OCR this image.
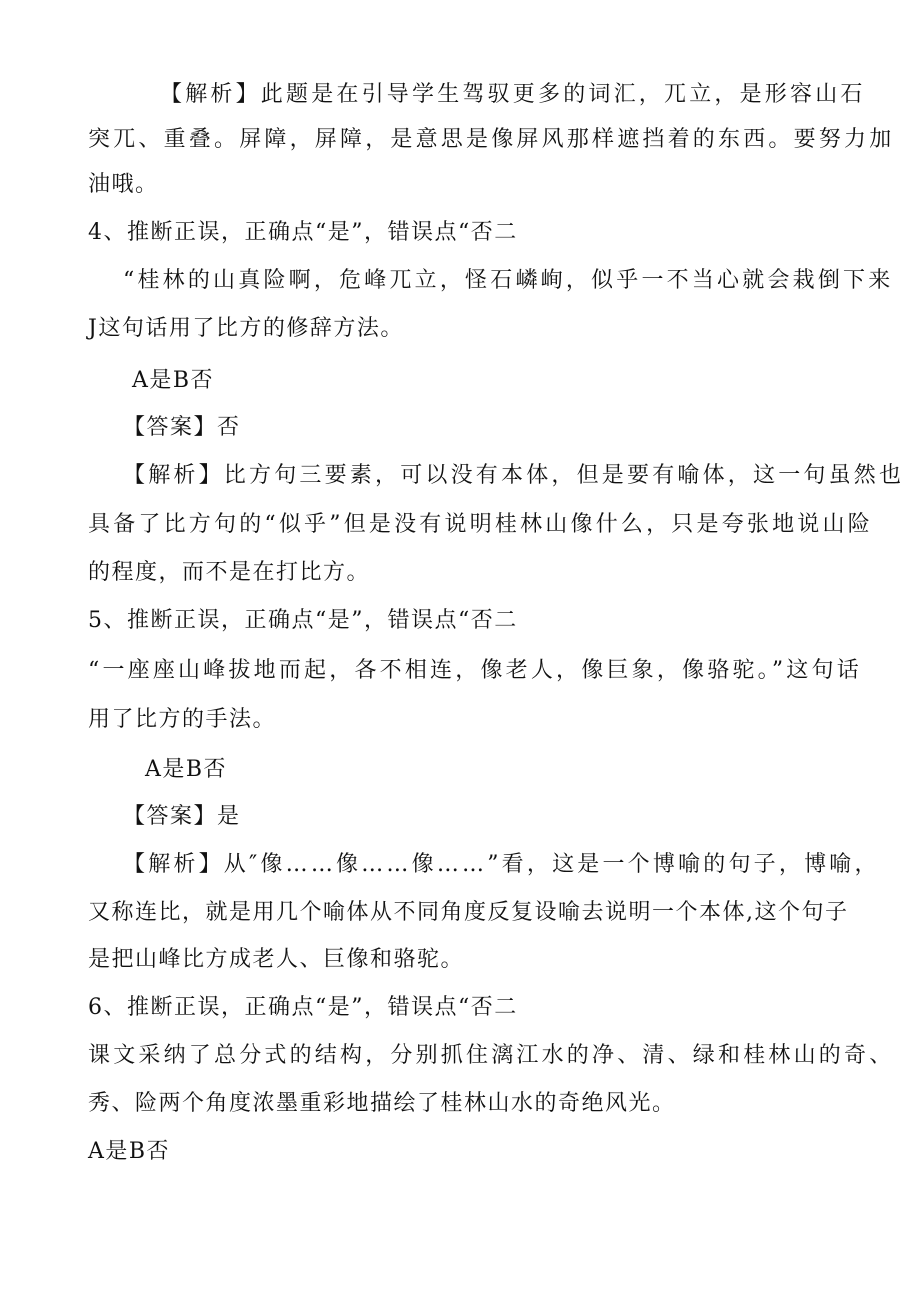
【解析】此题是在引导学生驾驭更多的词汇，兀立，是形容山石
突兀、重叠。屏障，屏障，是意思是像屏风那样遮挡着的东西。要努力加
油哦。
4、推断正误，正确点“是”，错误点“否二
“桂林的山真险啊，危峰兀立，怪石嶙峋，似乎一不当心就会栽倒下来
J这句话用了比方的修辞方法。
A是B否
【答案】否
【解析】比方句三要素，可以没有本体，但是要有喻体，这一句虽然也
具备了比方句的“似乎”但是没有说明桂林山像什么，只是夸张地说山险
的程度，而不是在打比方。
5、推断正误，正确点“是”，错误点“否二
“一座座山峰拔地而起，各不相连，像老人，像巨象，像骆驼。”这句话
用了比方的手法。
A是B否
【答案】是
【解析】从″像……像……像……”看，这是一个博喻的句子，博喻，
又称连比，就是用几个喻体从不同角度反复设喻去说明一个本体,这个句子
是把山峰比方成老人、巨像和骆驼。
6、推断正误，正确点“是”，错误点“否二
课文采纳了总分式的结构，分别抓住漓江水的净、清、绿和桂林山的奇、
秀、险两个角度浓墨重彩地描绘了桂林山水的奇绝风光。
A是B否
